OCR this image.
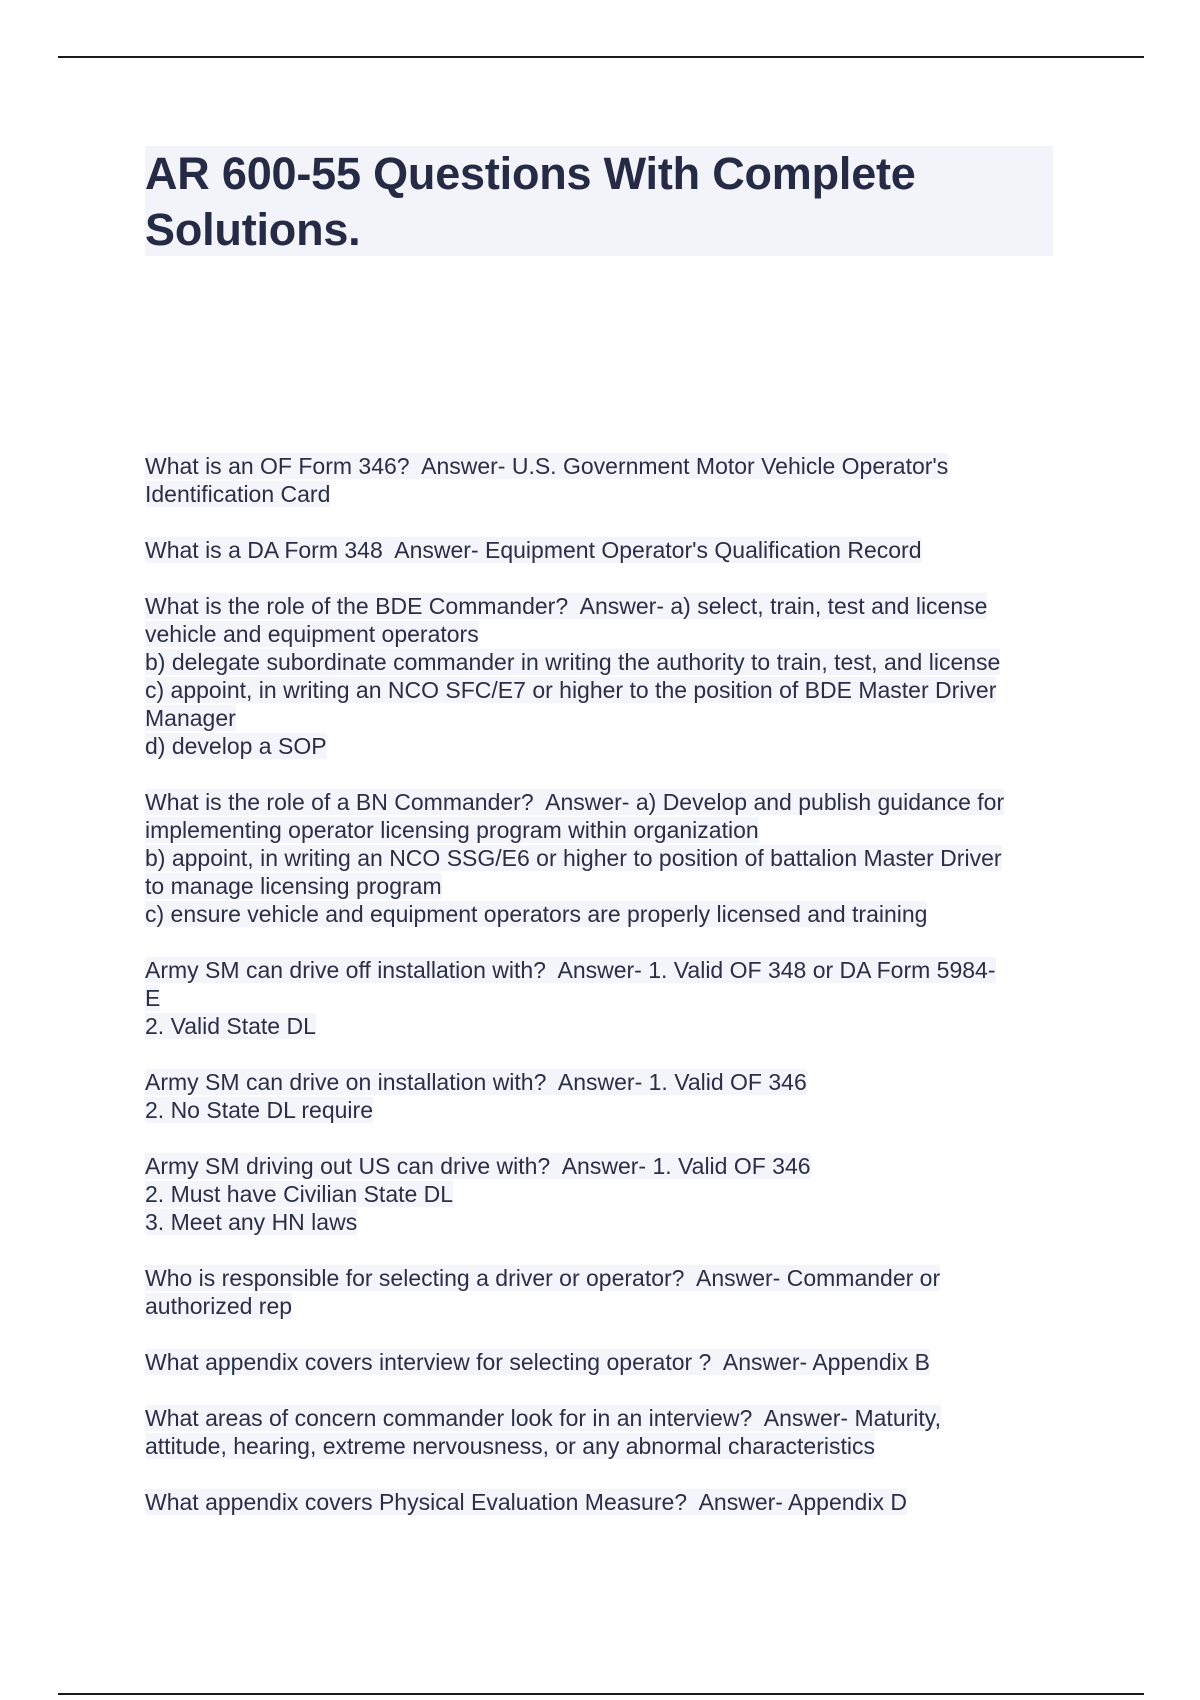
AR 600-55 Questions With Complete
Solutions.
What is an OF Form 346?  Answer- U.S. Government Motor Vehicle Operator's
Identification Card
What is a DA Form 348  Answer- Equipment Operator's Qualification Record
What is the role of the BDE Commander?  Answer- a) select, train, test and license
vehicle and equipment operators
b) delegate subordinate commander in writing the authority to train, test, and license
c) appoint, in writing an NCO SFC/E7 or higher to the position of BDE Master Driver
Manager
d) develop a SOP
What is the role of a BN Commander?  Answer- a) Develop and publish guidance for
implementing operator licensing program within organization
b) appoint, in writing an NCO SSG/E6 or higher to position of battalion Master Driver
to manage licensing program
c) ensure vehicle and equipment operators are properly licensed and training
Army SM can drive off installation with?  Answer- 1. Valid OF 348 or DA Form 5984-
E
2. Valid State DL
Army SM can drive on installation with?  Answer- 1. Valid OF 346
2. No State DL require
Army SM driving out US can drive with?  Answer- 1. Valid OF 346
2. Must have Civilian State DL
3. Meet any HN laws
Who is responsible for selecting a driver or operator?  Answer- Commander or
authorized rep
What appendix covers interview for selecting operator ?  Answer- Appendix B
What areas of concern commander look for in an interview?  Answer- Maturity,
attitude, hearing, extreme nervousness, or any abnormal characteristics
What appendix covers Physical Evaluation Measure?  Answer- Appendix D
